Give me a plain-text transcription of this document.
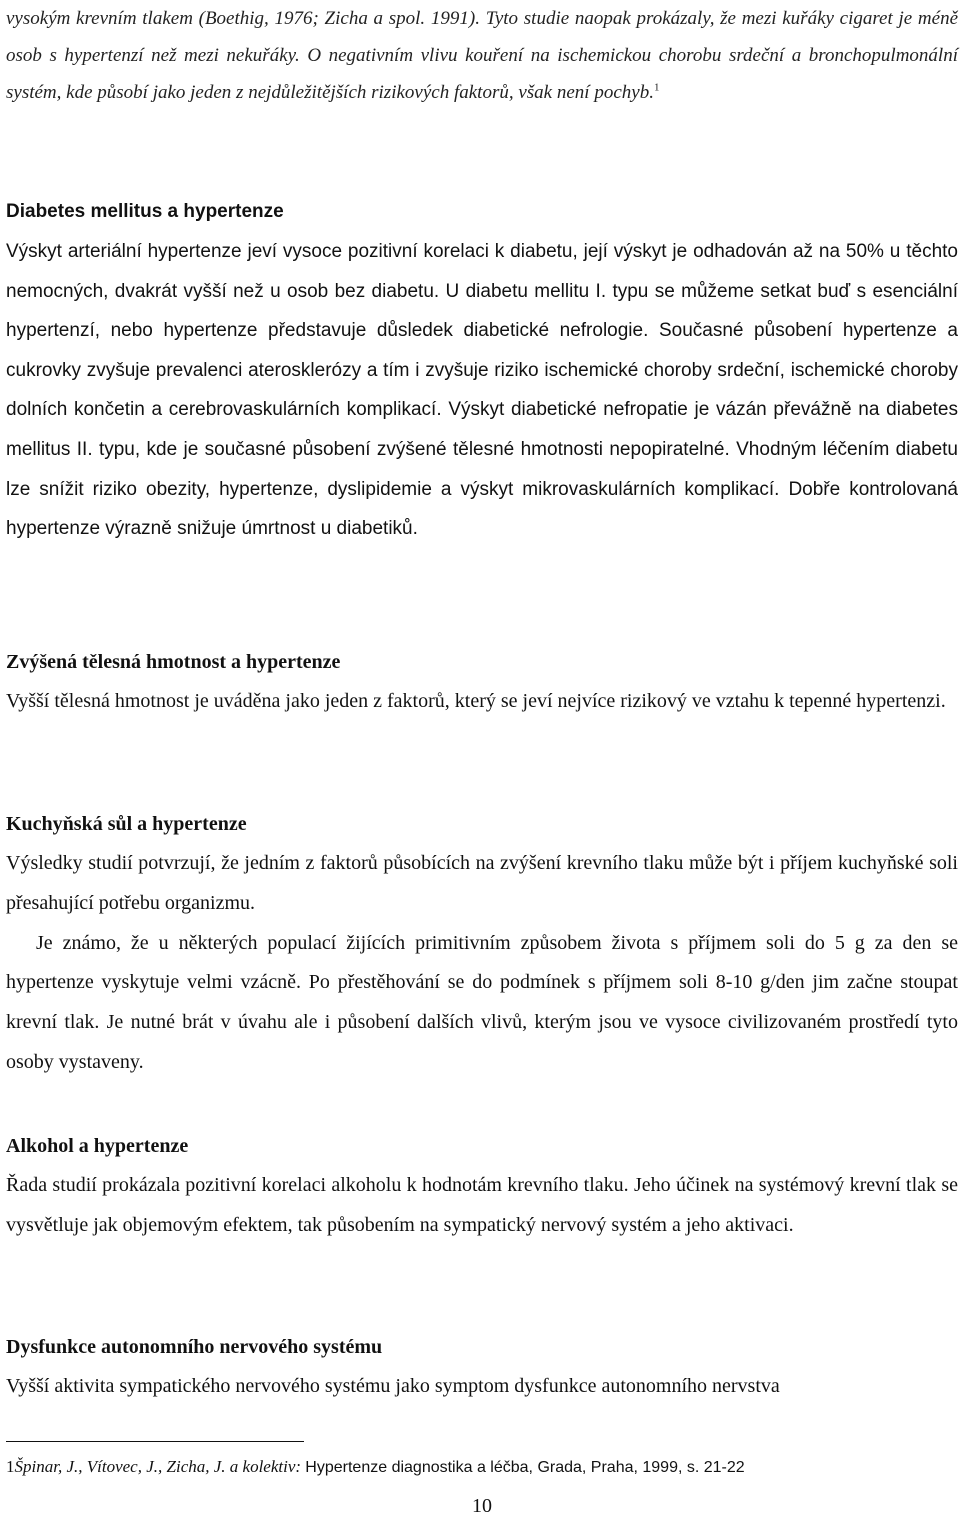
vysokým krevním tlakem (Boethig, 1976; Zicha a spol. 1991). Tyto studie naopak prokázaly, že mezi kuřáky cigaret je méně osob s hypertenzí než mezi nekuřáky. O negativním vlivu kouření na ischemickou chorobu srdeční a bronchopulmonální systém, kde působí jako jeden z nejdůležitějších rizikových faktorů, však není pochyb.$^1$

Diabetes mellitus a hypertenze

Výskyt arteriální hypertenze jeví vysoce pozitivní korelaci k diabetu, její výskyt je odhadován až na 50% u těchto nemocných, dvakrát vyšší než u osob bez diabetu. U diabetu mellitu I. typu se můžeme setkat buď s esenciální hypertenzí, nebo hypertenze představuje důsledek diabetické nefrologie. Současné působení hypertenze a cukrovky zvyšuje prevalenci aterosklerózy a tím i zvyšuje riziko ischemické choroby srdeční, ischemické choroby dolních končetin a cerebrovaskulárních komplikací. Výskyt diabetické nefropatie je vázán převážně na diabetes mellitus II. typu, kde je současné působení zvýšené tělesné hmotnosti nepopiratelné. Vhodným léčením diabetu lze snížit riziko obezity, hypertenze, dyslipidemie a výskyt mikrovaskulárních komplikací. Dobře kontrolovaná hypertenze výrazně snižuje úmrtnost u diabetiků.

Zvýšená tělesná hmotnost a hypertenze

Vyšší tělesná hmotnost je uváděna jako jeden z faktorů, který se jeví nejvíce rizikový ve vztahu k tepenné hypertenzi.

Kuchyňská sůl a hypertenze

Výsledky studií potvrzují, že jedním z faktorů působících na zvýšení krevního tlaku může být i příjem kuchyňské soli přesahující potřebu organizmu.

Je známo, že u některých populací žijících primitivním způsobem života s příjmem soli do 5 g za den se hypertenze vyskytuje velmi vzácně. Po přestěhování se do podmínek s příjmem soli 8-10 g/den jim začne stoupat krevní tlak. Je nutné brát v úvahu ale i působení dalších vlivů, kterým jsou ve vysoce civilizovaném prostředí tyto osoby vystaveny.

Alkohol a hypertenze

Řada studií prokázala pozitivní korelaci alkoholu k hodnotám krevního tlaku. Jeho účinek na systémový krevní tlak se vysvětluje jak objemovým efektem, tak působením na sympatický nervový systém a jeho aktivaci.

Dysfunkce autonomního nervového systému

Vyšší aktivita sympatického nervového systému jako symptom dysfunkce autonomního nervstva

1Špinar, J., Vítovec, J., Zicha, J. a kolektiv: Hypertenze diagnostika a léčba, Grada, Praha, 1999, s. 21-22
10
